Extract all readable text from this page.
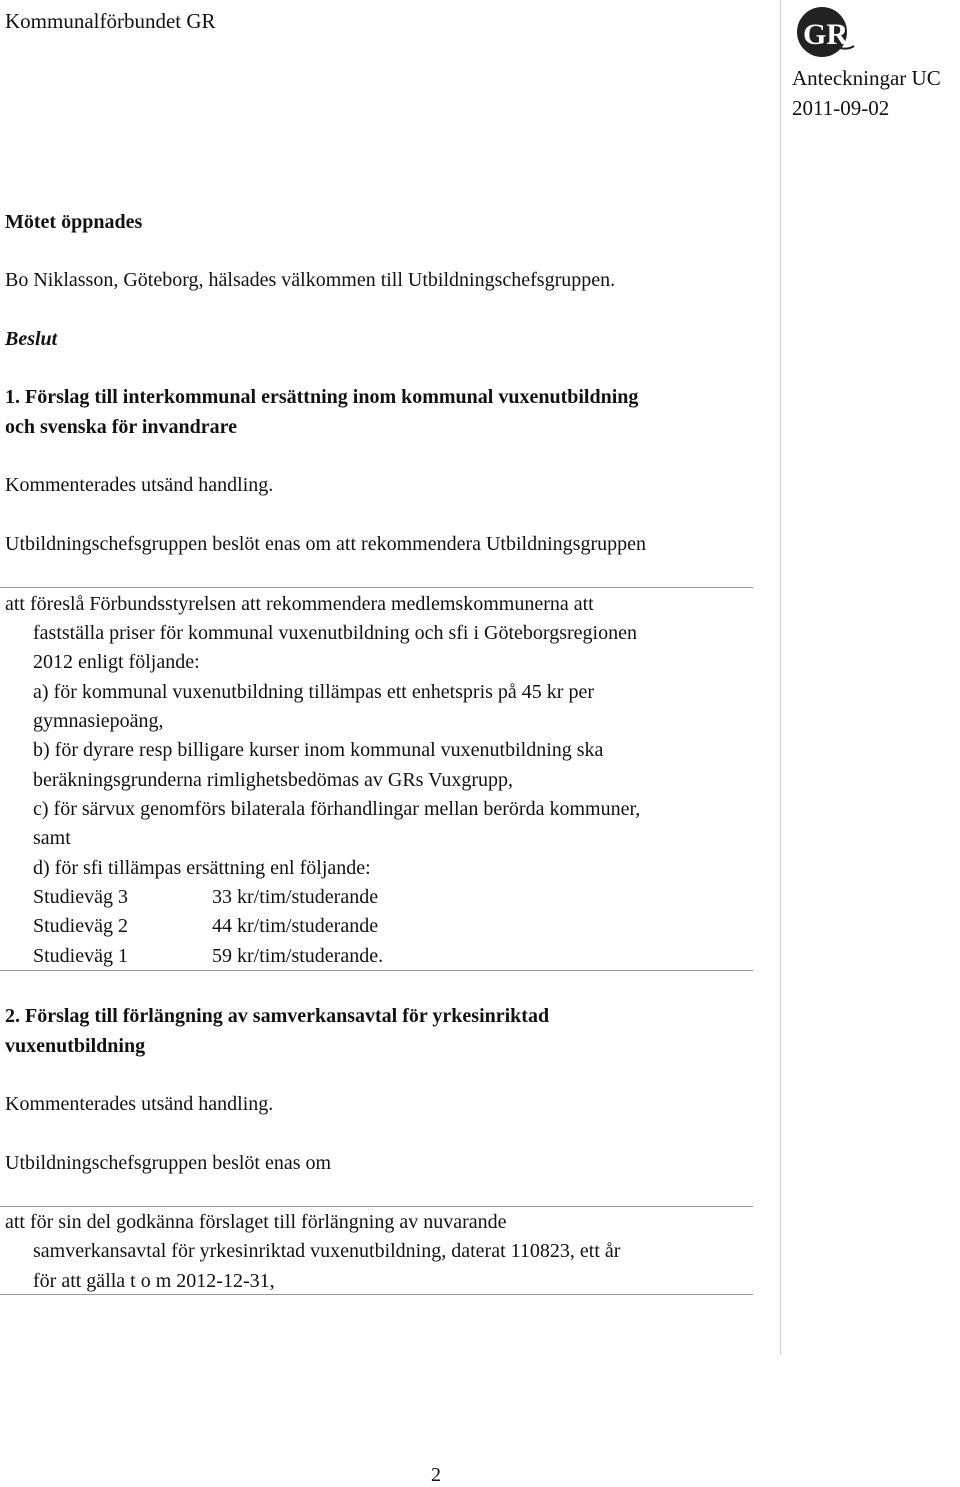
Kommunalförbundet GR	GR
Anteckningar UC
2011-09-02
Mötet öppnades
Bo Niklasson, Göteborg, hälsades välkommen till Utbildningschefsgruppen.
Beslut
1. Förslag till interkommunal ersättning inom kommunal vuxenutbildning
och svenska för invandrare
Kommenterades utsänd handling.
Utbildningschefsgruppen beslöt enas om att rekommendera Utbildningsgruppen
att föreslå Förbundsstyrelsen att rekommendera medlemskommunerna att
fastställa priser för kommunal vuxenutbildning och sfi i Göteborgsregionen
2012 enligt följande:
a) för kommunal vuxenutbildning tillämpas ett enhetspris på 45 kr per
gymnasiepoäng,
b) för dyrare resp billigare kurser inom kommunal vuxenutbildning ska
beräkningsgrunderna rimlighetsbedömas av GRs Vuxgrupp,
c) för särvux genomförs bilaterala förhandlingar mellan berörda kommuner,
samt
d) för sfi tillämpas ersättning enl följande:
Studieväg 3	33 kr/tim/studerande
Studieväg 2	44 kr/tim/studerande
Studieväg 1	59 kr/tim/studerande.
2. Förslag till förlängning av samverkansavtal för yrkesinriktad
vuxenutbildning
Kommenterades utsänd handling.
Utbildningschefsgruppen beslöt enas om
att för sin del godkänna förslaget till förlängning av nuvarande
samverkansavtal för yrkesinriktad vuxenutbildning, daterat 110823, ett år
för att gälla t o m 2012-12-31,
2
